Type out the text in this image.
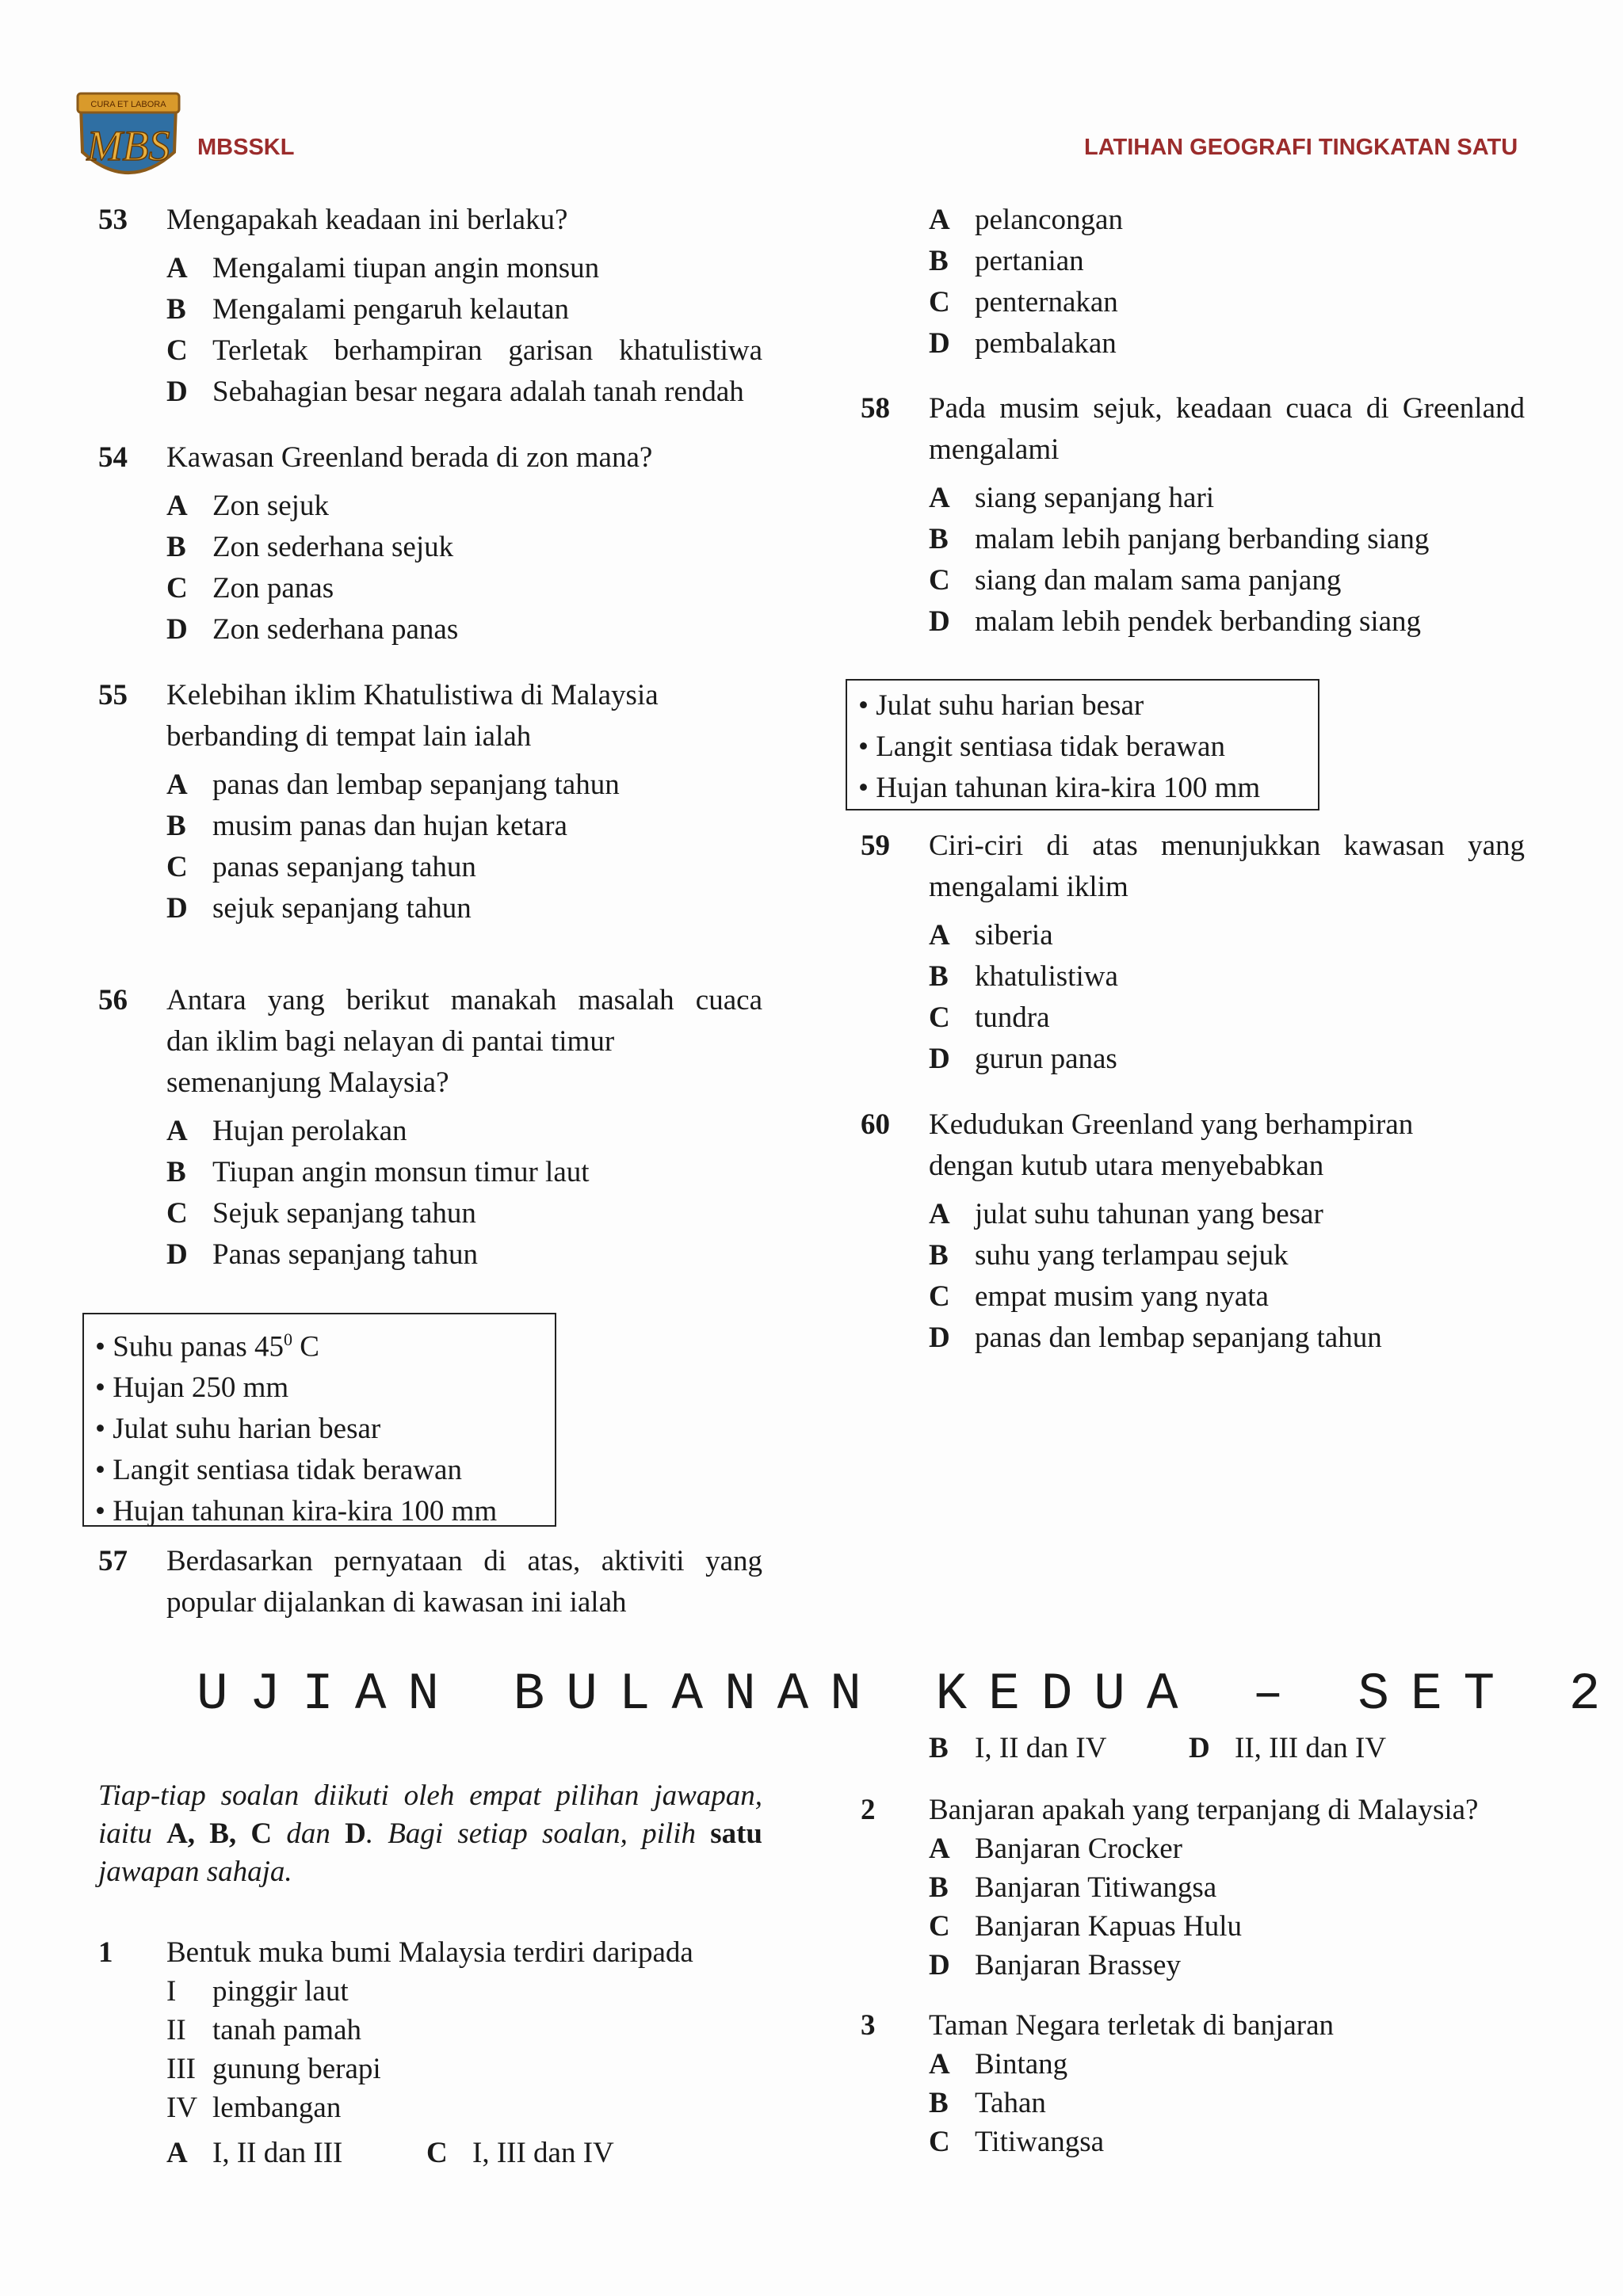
CURA ET LABORA
MBS MBSSKL	LATIHAN GEOGRAFI TINGKATAN SATU
53 Mengapakah keadaan ini berlaku?
A Mengalami tiupan angin monsun
B Mengalami pengaruh kelautan
C Terletak berhampiran garisan khatulistiwa
D Sebahagian besar negara adalah tanah rendah
54 Kawasan Greenland berada di zon mana?
A Zon sejuk
B Zon sederhana sejuk
C Zon panas
D Zon sederhana panas
55 Kelebihan iklim Khatulistiwa di Malaysia
berbanding di tempat lain ialah
A panas dan lembap sepanjang tahun
B musim panas dan hujan ketara
C panas sepanjang tahun
D sejuk sepanjang tahun
56 Antara yang berikut manakah masalah cuaca
dan iklim bagi nelayan di pantai timur
semenanjung Malaysia?
A Hujan perolakan
B Tiupan angin monsun timur laut
C Sejuk sepanjang tahun
D Panas sepanjang tahun
• Suhu panas $45^0$ C
• Hujan 250 mm
• Julat suhu harian besar
• Langit sentiasa tidak berawan
• Hujan tahunan kira-kira 100 mm
57 Berdasarkan pernyataan di atas, aktiviti yang
popular dijalankan di kawasan ini ialah
A pelancongan
B pertanian
C penternakan
D pembalakan
58 Pada musim sejuk, keadaan cuaca di Greenland
mengalami
A siang sepanjang hari
B malam lebih panjang berbanding siang
C siang dan malam sama panjang
D malam lebih pendek berbanding siang
• Julat suhu harian besar
• Langit sentiasa tidak berawan
• Hujan tahunan kira-kira 100 mm
59 Ciri-ciri di atas menunjukkan kawasan yang
mengalami iklim
A siberia
B khatulistiwa
C tundra
D gurun panas
60 Kedudukan Greenland yang berhampiran
dengan kutub utara menyebabkan
A julat suhu tahunan yang besar
B suhu yang terlampau sejuk
C empat musim yang nyata
D panas dan lembap sepanjang tahun
UJIAN BULANAN KEDUA – SET 2
Tiap-tiap soalan diikuti oleh empat pilihan jawapan,
iaitu A, B, C dan D. Bagi setiap soalan, pilih satu
jawapan sahaja.
1 Bentuk muka bumi Malaysia terdiri daripada
I pinggir laut
II tanah pamah
III gunung berapi
IV lembangan
A I, II dan III	C I, III dan IV
B I, II dan IV	D II, III dan IV
2 Banjaran apakah yang terpanjang di Malaysia?
A Banjaran Crocker
B Banjaran Titiwangsa
C Banjaran Kapuas Hulu
D Banjaran Brassey
3 Taman Negara terletak di banjaran
A Bintang
B Tahan
C Titiwangsa
